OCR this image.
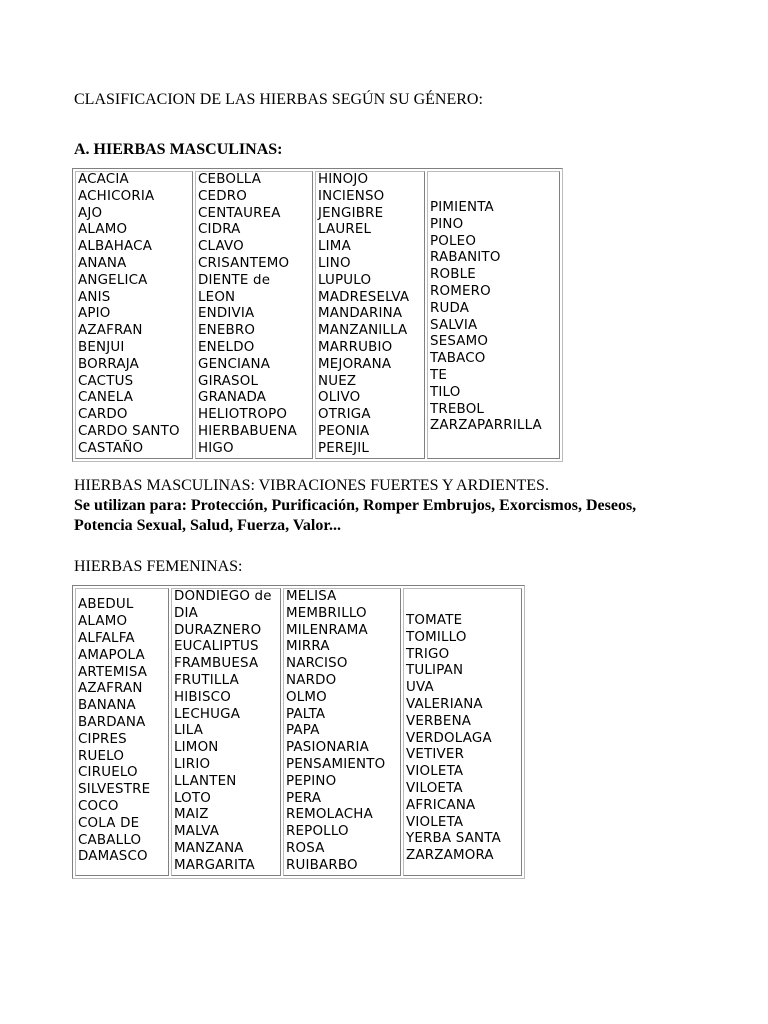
CLASIFICACION DE LAS HIERBAS SEGÚN SU GÉNERO:
A. HIERBAS MASCULINAS:
ACACIA
ACHICORIA
AJO
ALAMO
ALBAHACA
ANANA
ANGELICA
ANIS
APIO
AZAFRAN
BENJUI
BORRAJA
CACTUS
CANELA
CARDO
CARDO SANTO
CASTAÑO

CEBOLLA
CEDRO
CENTAUREA
CIDRA
CLAVO
CRISANTEMO
DIENTE de
LEON
ENDIVIA
ENEBRO
ENELDO
GENCIANA
GIRASOL
GRANADA
HELIOTROPO
HIERBABUENA
HIGO

HINOJO
INCIENSO
JENGIBRE
LAUREL
LIMA
LINO
LUPULO
MADRESELVA
MANDARINA
MANZANILLA
MARRUBIO
MEJORANA
NUEZ
OLIVO
OTRIGA
PEONIA
PEREJIL

PIMIENTA
PINO
POLEO
RABANITO
ROBLE
ROMERO
RUDA
SALVIA
SESAMO
TABACO
TE
TILO
TREBOL
ZARZAPARRILLA
HIERBAS MASCULINAS: VIBRACIONES FUERTES Y ARDIENTES.
Se utilizan para: Protección, Purificación, Romper Embrujos, Exorcismos, Deseos,
Potencia Sexual, Salud, Fuerza, Valor...
HIERBAS FEMENINAS:
ABEDUL
ALAMO
ALFALFA
AMAPOLA
ARTEMISA
AZAFRAN
BANANA
BARDANA
CIPRES
RUELO
CIRUELO
SILVESTRE
COCO
COLA DE
CABALLO
DAMASCO

DONDIEGO de
DIA
DURAZNERO
EUCALIPTUS
FRAMBUESA
FRUTILLA
HIBISCO
LECHUGA
LILA
LIMON
LIRIO
LLANTEN
LOTO
MAIZ
MALVA
MANZANA
MARGARITA

MELISA
MEMBRILLO
MILENRAMA
MIRRA
NARCISO
NARDO
OLMO
PALTA
PAPA
PASIONARIA
PENSAMIENTO
PEPINO
PERA
REMOLACHA
REPOLLO
ROSA
RUIBARBO

TOMATE
TOMILLO
TRIGO
TULIPAN
UVA
VALERIANA
VERBENA
VERDOLAGA
VETIVER
VIOLETA
VILOETA
AFRICANA
VIOLETA
YERBA SANTA
ZARZAMORA
